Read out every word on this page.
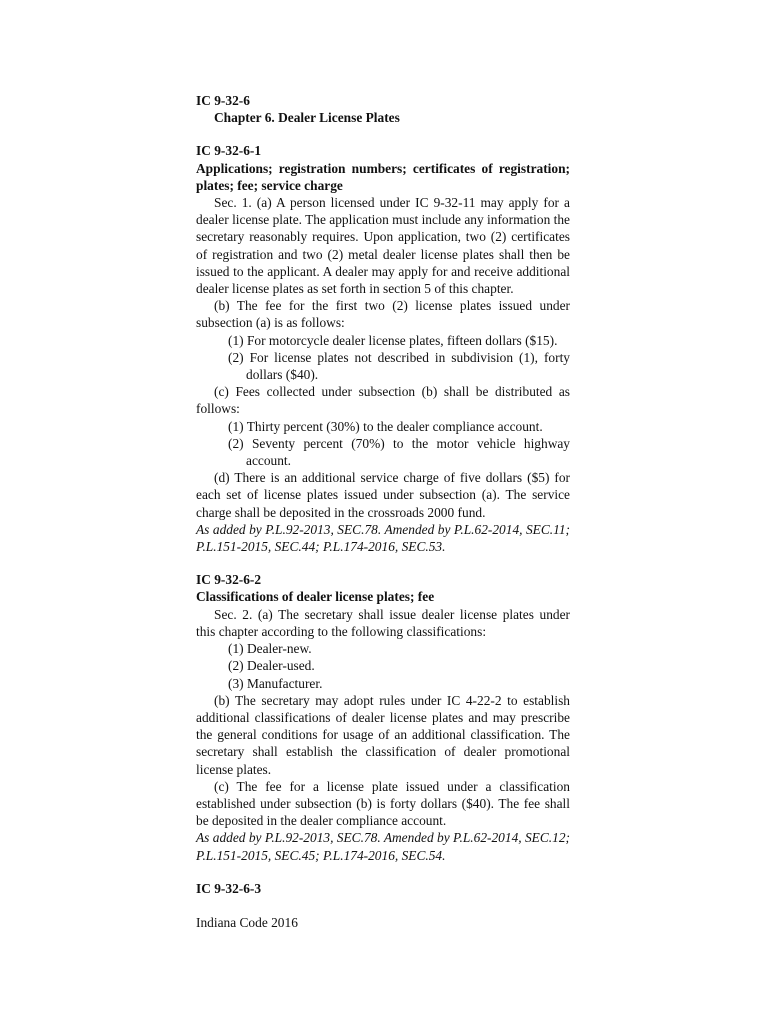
IC 9-32-6
Chapter 6. Dealer License Plates
IC 9-32-6-1
Applications; registration numbers; certificates of registration; plates; fee; service charge
Sec. 1. (a) A person licensed under IC 9-32-11 may apply for a dealer license plate. The application must include any information the secretary reasonably requires. Upon application, two (2) certificates of registration and two (2) metal dealer license plates shall then be issued to the applicant. A dealer may apply for and receive additional dealer license plates as set forth in section 5 of this chapter.
(b) The fee for the first two (2) license plates issued under subsection (a) is as follows:
(1) For motorcycle dealer license plates, fifteen dollars ($15).
(2) For license plates not described in subdivision (1), forty dollars ($40).
(c) Fees collected under subsection (b) shall be distributed as follows:
(1) Thirty percent (30%) to the dealer compliance account.
(2) Seventy percent (70%) to the motor vehicle highway account.
(d) There is an additional service charge of five dollars ($5) for each set of license plates issued under subsection (a). The service charge shall be deposited in the crossroads 2000 fund.
As added by P.L.92-2013, SEC.78. Amended by P.L.62-2014, SEC.11; P.L.151-2015, SEC.44; P.L.174-2016, SEC.53.
IC 9-32-6-2
Classifications of dealer license plates; fee
Sec. 2. (a) The secretary shall issue dealer license plates under this chapter according to the following classifications:
(1) Dealer-new.
(2) Dealer-used.
(3) Manufacturer.
(b) The secretary may adopt rules under IC 4-22-2 to establish additional classifications of dealer license plates and may prescribe the general conditions for usage of an additional classification. The secretary shall establish the classification of dealer promotional license plates.
(c) The fee for a license plate issued under a classification established under subsection (b) is forty dollars ($40). The fee shall be deposited in the dealer compliance account.
As added by P.L.92-2013, SEC.78. Amended by P.L.62-2014, SEC.12; P.L.151-2015, SEC.45; P.L.174-2016, SEC.54.
IC 9-32-6-3
Indiana Code 2016
